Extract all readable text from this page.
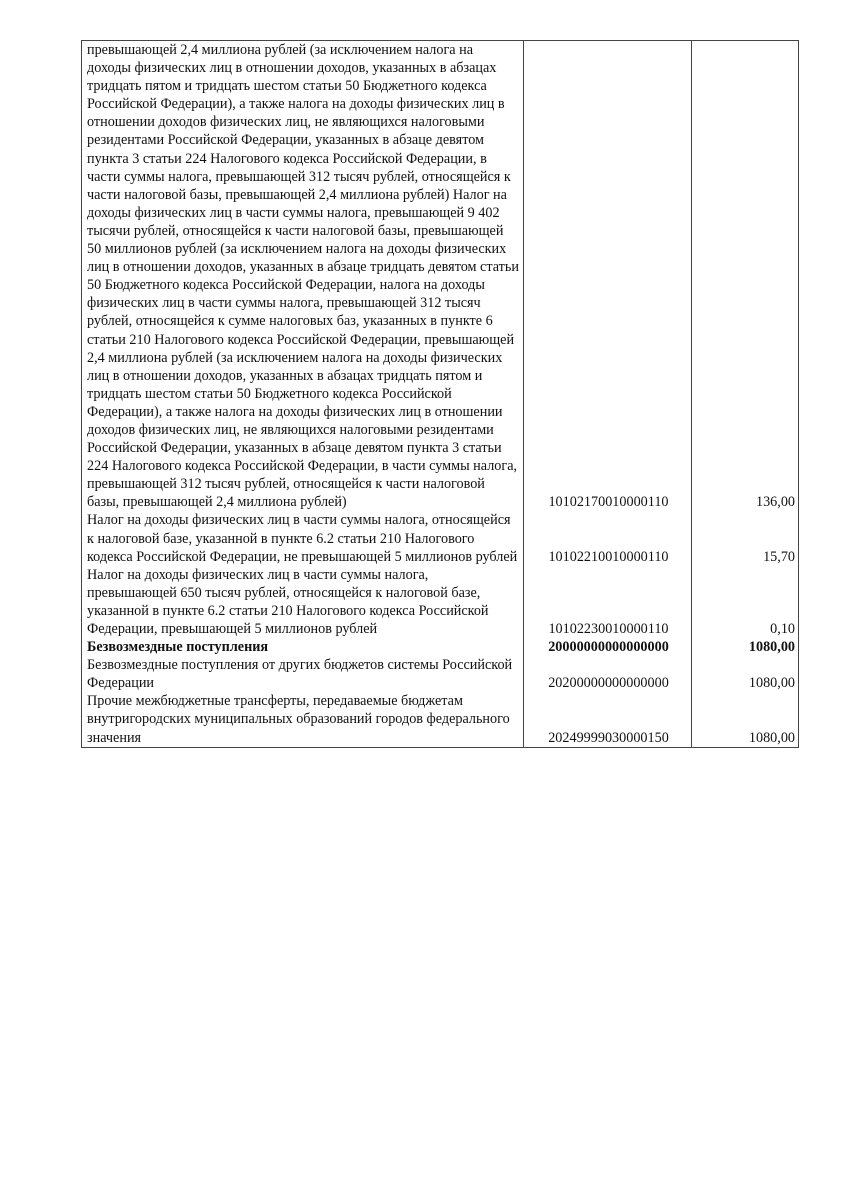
превышающей 2,4 миллиона рублей (за исключением налога на доходы физических лиц в отношении доходов, указанных в абзацах тридцать пятом и тридцать шестом статьи 50 Бюджетного кодекса Российской Федерации), а также налога на доходы физических лиц в отношении доходов физических лиц, не являющихся налоговыми резидентами Российской Федерации, указанных в абзаце девятом пункта 3 статьи 224 Налогового кодекса Российской Федерации, в части суммы налога, превышающей 312 тысяч рублей, относящейся к части налоговой базы, превышающей 2,4 миллиона рублей) Налог на доходы физических лиц в части суммы налога, превышающей 9 402 тысячи рублей, относящейся к части налоговой базы, превышающей 50 миллионов рублей (за исключением налога на доходы физических лиц в отношении доходов, указанных в абзаце тридцать девятом статьи 50 Бюджетного кодекса Российской Федерации, налога на доходы физических лиц в части суммы налога, превышающей 312 тысяч рублей, относящейся к сумме налоговых баз, указанных в пункте 6 статьи 210 Налогового кодекса Российской Федерации, превышающей 2,4 миллиона рублей (за исключением налога на доходы физических лиц в отношении доходов, указанных в абзацах тридцать пятом и тридцать шестом статьи 50 Бюджетного кодекса Российской Федерации), а также налога на доходы физических лиц в отношении доходов физических лиц, не являющихся налоговыми резидентами Российской Федерации, указанных в абзаце девятом пункта 3 статьи 224 Налогового кодекса Российской Федерации, в части суммы налога, превышающей 312 тысяч рублей, относящейся к части налоговой базы, превышающей 2,4 миллиона рублей)	10102170010000110	136,00
Налог на доходы физических лиц в части суммы налога, относящейся к налоговой базе, указанной в пункте 6.2 статьи 210 Налогового кодекса Российской Федерации, не превышающей 5 миллионов рублей	10102210010000110	15,70
Налог на доходы физических лиц в части суммы налога, превышающей 650 тысяч рублей, относящейся к налоговой базе, указанной в пункте 6.2 статьи 210 Налогового кодекса Российской Федерации, превышающей 5 миллионов рублей	10102230010000110	0,10
Безвозмездные поступления	20000000000000000	1080,00
Безвозмездные поступления от других бюджетов системы Российской Федерации	20200000000000000	1080,00
Прочие межбюджетные трансферты, передаваемые бюджетам внутригородских муниципальных образований городов федерального значения	20249999030000150	1080,00
